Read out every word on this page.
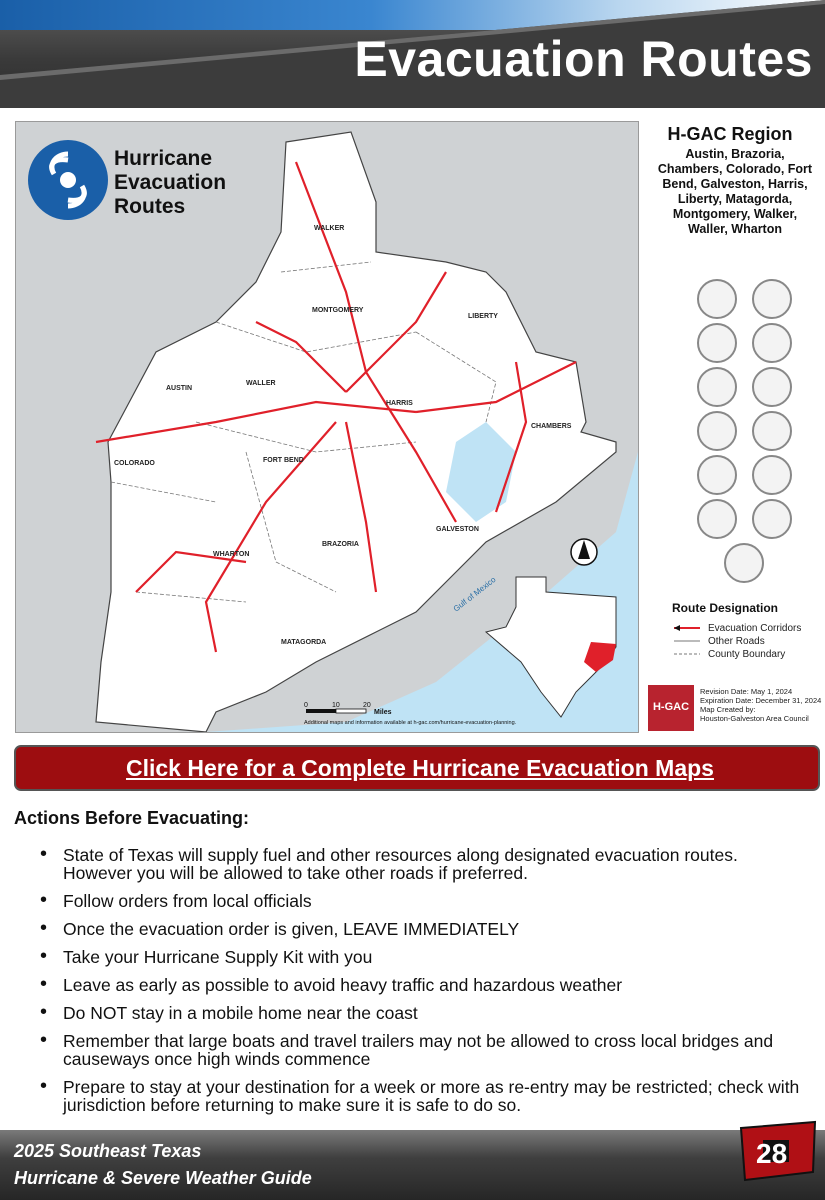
Evacuation Routes
Hurricane
Evacuation
Routes
WALKER
MONTGOMERY
LIBERTY
AUSTIN
WALLER
HARRIS
CHAMBERS
COLORADO	FORT BEND
GALVESTON
WHARTON
BRAZORIA
MATAGORDA
Gulf of Mexico
0	10	20
Miles
Additional maps and information available at h-gac.com/hurricane-evacuation-planning.
H-GAC Region
Austin, Brazoria, Chambers, Colorado, Fort Bend, Galveston, Harris, Liberty, Matagorda, Montgomery, Walker, Waller, Wharton
Route Designation
Evacuation Corridors
Other Roads
County Boundary
H-GAC
Revision Date: May 1, 2024
Expiration Date: December 31, 2024
Map Created by:
Houston-Galveston Area Council
Click Here for a Complete Hurricane Evacuation Maps
Actions Before Evacuating:
• State of Texas will supply fuel and other resources along designated evacuation routes. However you will be allowed to take other roads if preferred.
• Follow orders from local officials
• Once the evacuation order is given, LEAVE IMMEDIATELY
• Take your Hurricane Supply Kit with you
• Leave as early as possible to avoid heavy traffic and hazardous weather
• Do NOT stay in a mobile home near the coast
• Remember that large boats and travel trailers may not be allowed to cross local bridges and causeways once high winds commence
• Prepare to stay at your destination for a week or more as re-entry may be restricted; check with jurisdiction before returning to make sure it is safe to do so.
2025 Southeast Texas
Hurricane & Severe Weather Guide
28
